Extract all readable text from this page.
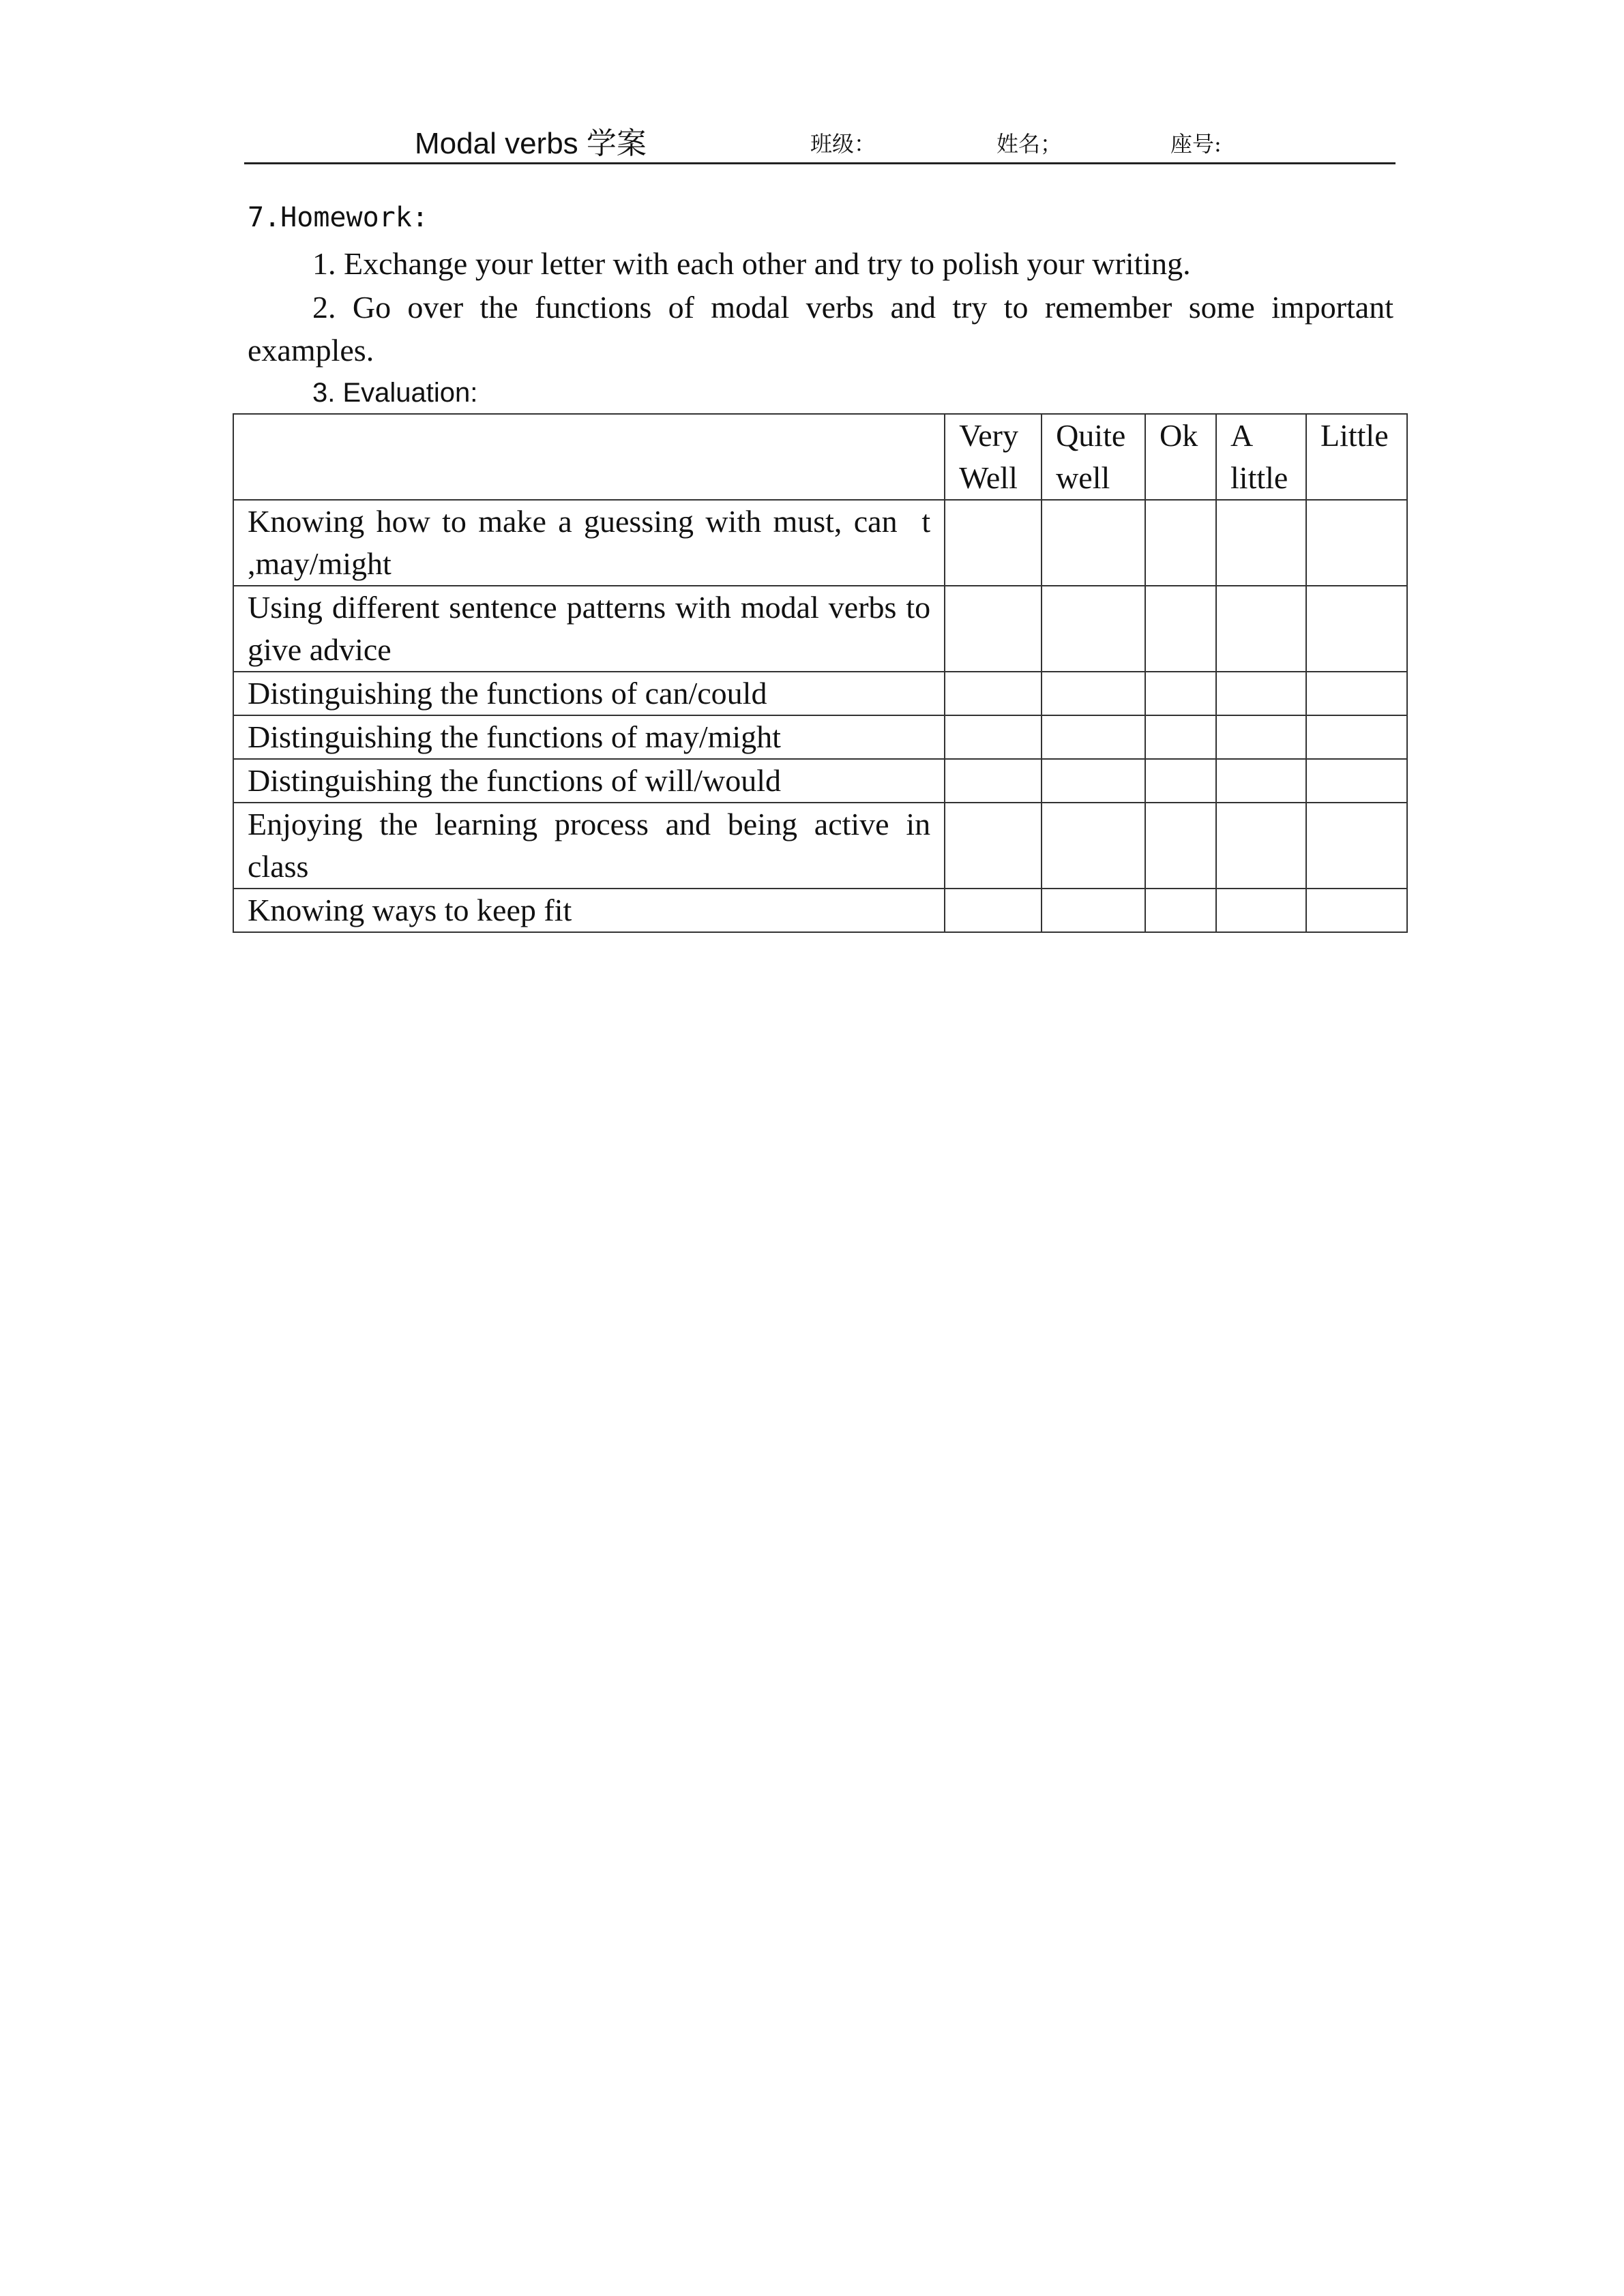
Modal verbs 学案	班级：	姓名；	座号:
7.Homework:
1. Exchange your letter with each other and try to polish your writing.
2. Go over the functions of modal verbs and try to remember some important examples.
3. Evaluation:
	Very Well	Quite well	Ok	A little	Little
Knowing how to make a guessing with must, can t ,may/might					
Using different sentence patterns with modal verbs to give advice					
Distinguishing the functions of can/could					
Distinguishing the functions of may/might					
Distinguishing the functions of will/would					
Enjoying the learning process and being active in class					
Knowing ways to keep fit					
